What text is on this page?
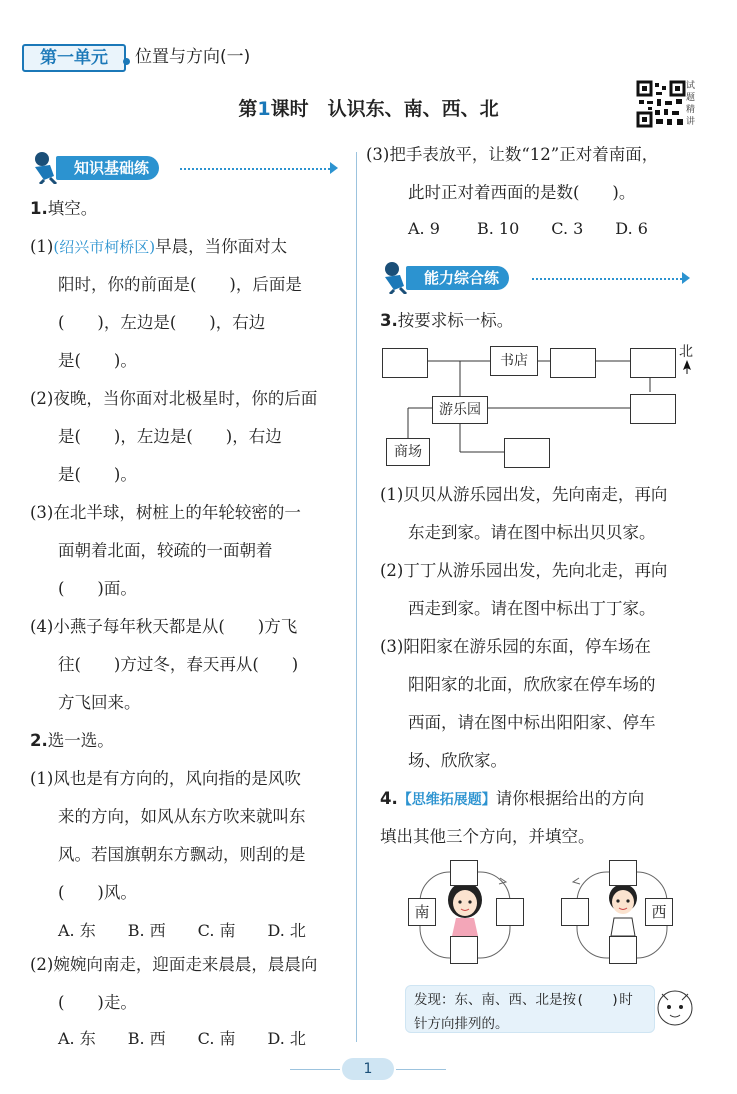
第一单元	位置与方向(一)
第1课时　认识东、南、西、北
试题精讲
知识基础练
1.填空。
(1)(绍兴市柯桥区)早晨，当你面对太
阳时，你的前面是(　　)，后面是
(　　)，左边是(　　)，右边
是(　　)。
(2)夜晚，当你面对北极星时，你的后面
是(　　)，左边是(　　)，右边
是(　　)。
(3)在北半球，树桩上的年轮较密的一
面朝着北面，较疏的一面朝着
(　　)面。
(4)小燕子每年秋天都是从(　　)方飞
往(　　)方过冬，春天再从(　　)
方飞回来。
2.选一选。
(1)风也是有方向的，风向指的是风吹
来的方向，如风从东方吹来就叫东
风。若国旗朝东方飘动，则刮的是
(　　)风。
A. 东　　B. 西　　C. 南　　D. 北
(2)婉婉向南走，迎面走来晨晨，晨晨向
(　　)走。
A. 东　　B. 西　　C. 南　　D. 北
(3)把手表放平，让数“12”正对着南面，
此时正对着西面的是数(　　)。
A. 9　　 B. 10　　C. 3　　D. 6
能力综合练
3.按要求标一标。
书店
北
游乐园
商场
(1)贝贝从游乐园出发，先向南走，再向
东走到家。请在图中标出贝贝家。
(2)丁丁从游乐园出发，先向北走，再向
西走到家。请在图中标出丁丁家。
(3)阳阳家在游乐园的东面，停车场在
阳阳家的北面，欣欣家在停车场的
西面，请在图中标出阳阳家、停车
场、欣欣家。
4.【思维拓展题】请你根据给出的方向
填出其他三个方向，并填空。
南	西
发现：东、南、西、北是按(　　)时
针方向排列的。
1
